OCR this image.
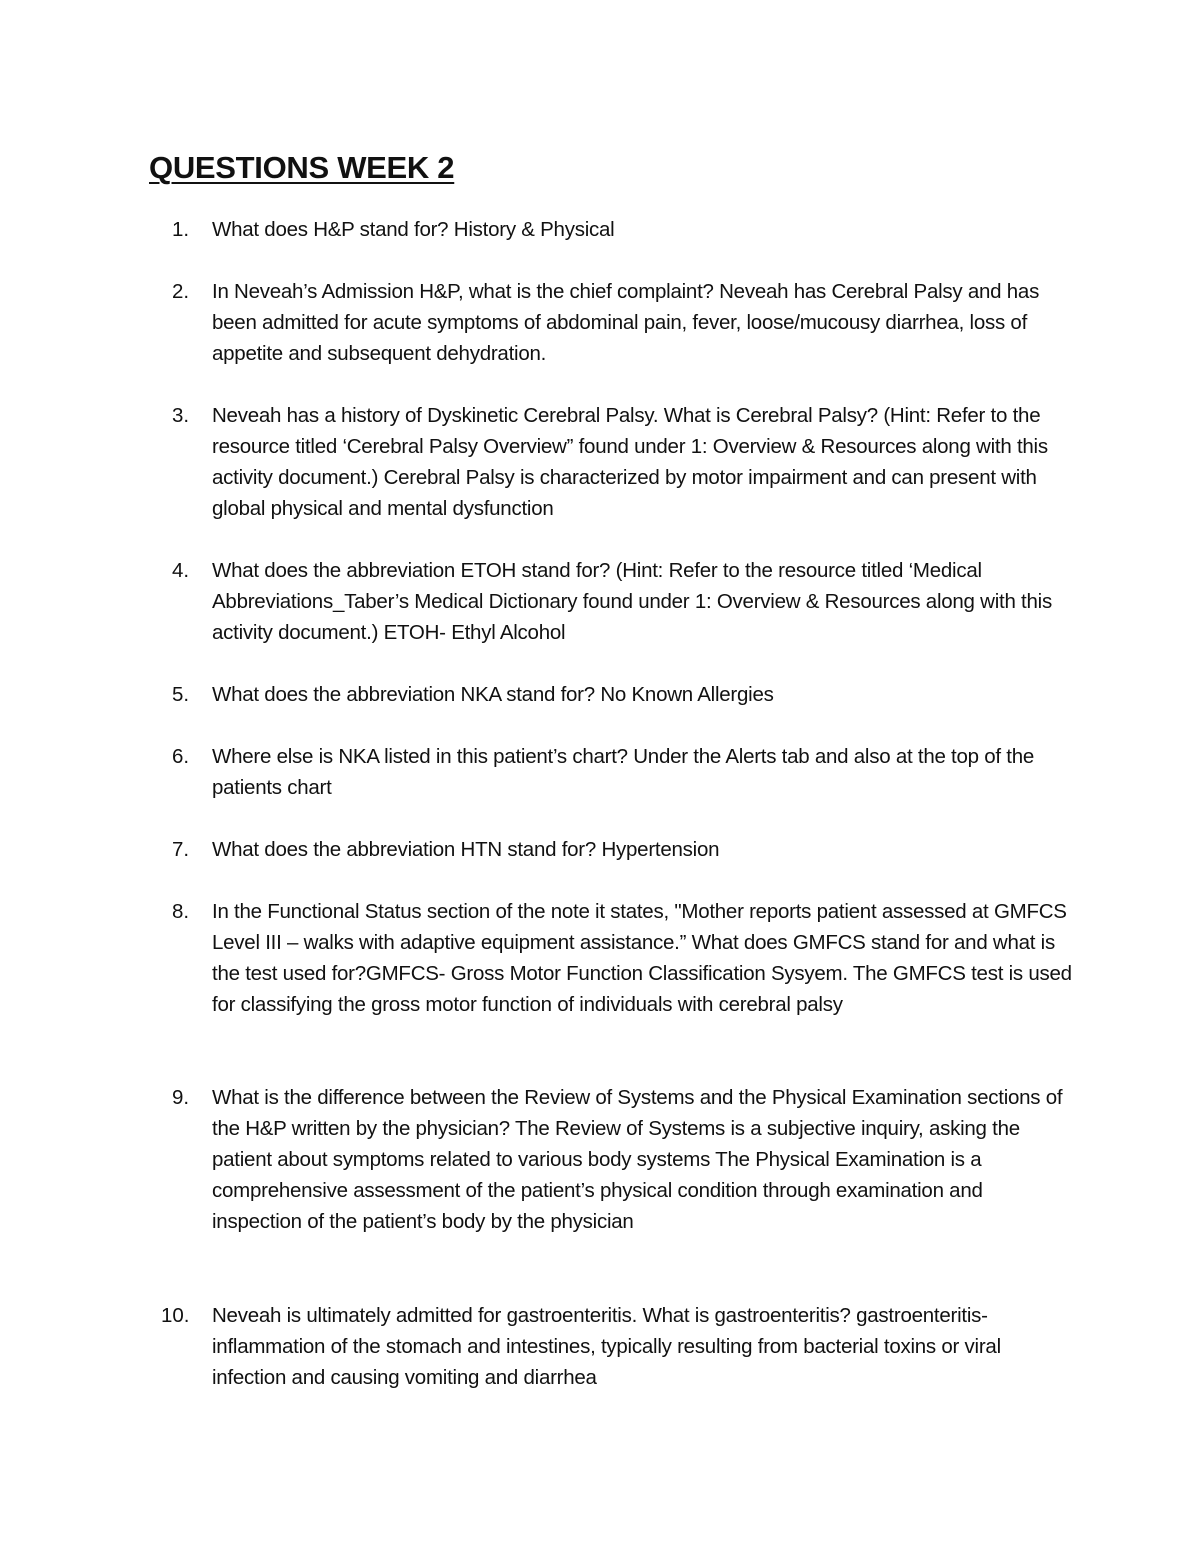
QUESTIONS WEEK 2
1. What does H&P stand for? History & Physical

2. In Neveah’s Admission H&P, what is the chief complaint? Neveah has Cerebral Palsy and has been admitted for acute symptoms of abdominal pain, fever, loose/mucousy diarrhea, loss of appetite and subsequent dehydration.

3. Neveah has a history of Dyskinetic Cerebral Palsy. What is Cerebral Palsy? (Hint: Refer to the resource titled ‘Cerebral Palsy Overview” found under 1: Overview & Resources along with this activity document.) Cerebral Palsy is characterized by motor impairment and can present with global physical and mental dysfunction

4. What does the abbreviation ETOH stand for? (Hint: Refer to the resource titled ‘Medical Abbreviations_Taber’s Medical Dictionary found under 1: Overview & Resources along with this activity document.) ETOH- Ethyl Alcohol

5. What does the abbreviation NKA stand for? No Known Allergies

6. Where else is NKA listed in this patient’s chart? Under the Alerts tab and also at the top of the patients chart

7. What does the abbreviation HTN stand for? Hypertension

8. In the Functional Status section of the note it states, "Mother reports patient assessed at GMFCS Level III – walks with adaptive equipment assistance.” What does GMFCS stand for and what is the test used for?GMFCS- Gross Motor Function Classification Sysyem. The GMFCS test is used for classifying the gross motor function of individuals with cerebral palsy

9. What is the difference between the Review of Systems and the Physical Examination sections of the H&P written by the physician? The Review of Systems is a subjective inquiry, asking the patient about symptoms related to various body systems The Physical Examination is a comprehensive assessment of the patient’s physical condition through examination and inspection of the patient’s body by the physician

10. Neveah is ultimately admitted for gastroenteritis. What is gastroenteritis? gastroenteritis- inflammation of the stomach and intestines, typically resulting from bacterial toxins or viral infection and causing vomiting and diarrhea
